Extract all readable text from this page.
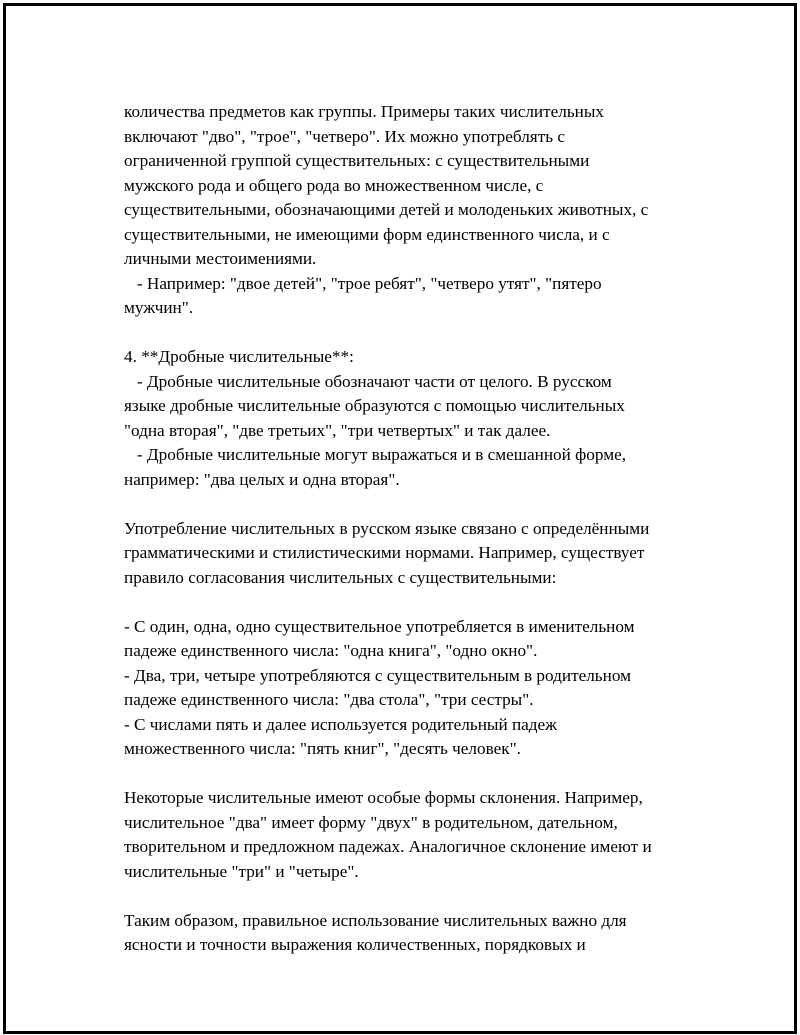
количества предметов как группы. Примеры таких числительных
включают "дво", "трое", "четверо". Их можно употреблять с
ограниченной группой существительных: с существительными
мужского рода и общего рода во множественном числе, с
существительными, обозначающими детей и молоденьких животных, с
существительными, не имеющими форм единственного числа, и с
личными местоимениями.
- Например: "двое детей", "трое ребят", "четверо утят", "пятеро
мужчин".
4. **Дробные числительные**:
- Дробные числительные обозначают части от целого. В русском
языке дробные числительные образуются с помощью числительных
"одна вторая", "две третьих", "три четвертых" и так далее.
- Дробные числительные могут выражаться и в смешанной форме,
например: "два целых и одна вторая".
Употребление числительных в русском языке связано с определёнными
грамматическими и стилистическими нормами. Например, существует
правило согласования числительных с существительными:
- С один, одна, одно существительное употребляется в именительном
падеже единственного числа: "одна книга", "одно окно".
- Два, три, четыре употребляются с существительным в родительном
падеже единственного числа: "два стола", "три сестры".
- С числами пять и далее используется родительный падеж
множественного числа: "пять книг", "десять человек".
Некоторые числительные имеют особые формы склонения. Например,
числительное "два" имеет форму "двух" в родительном, дательном,
творительном и предложном падежах. Аналогичное склонение имеют и
числительные "три" и "четыре".
Таким образом, правильное использование числительных важно для
ясности и точности выражения количественных, порядковых и
